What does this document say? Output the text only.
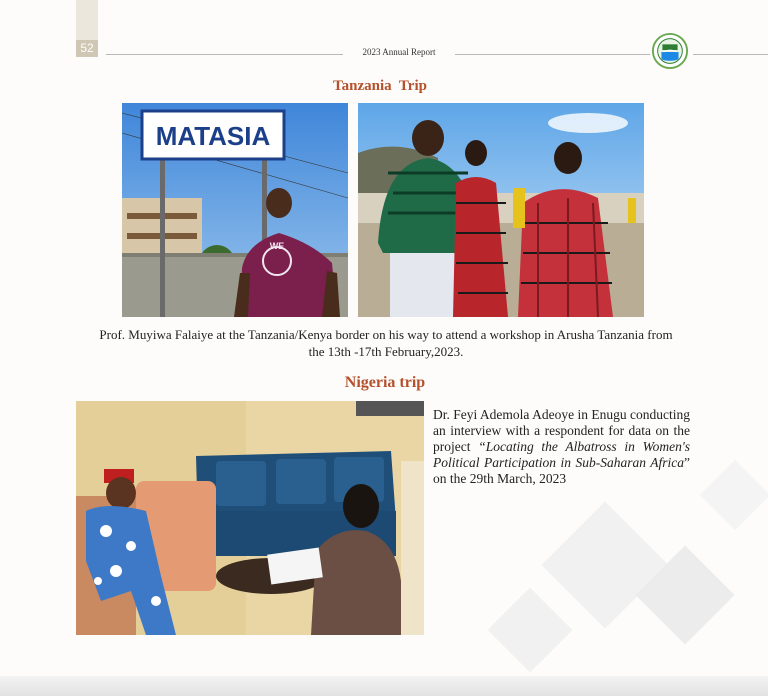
52	2023 Annual Report
Tanzania  Trip
MATASIA
WE
Prof. Muyiwa Falaiye at the Tanzania/Kenya border on his way to attend a workshop in Arusha Tanzania from the 13th -17th February,2023.
Nigeria trip
Dr. Feyi Ademola Adeoye in Enugu conducting an interview with a respondent for data on the project “Locating the Albatross in Women's Political Participation in Sub-Saharan Africa” on the 29th March, 2023
